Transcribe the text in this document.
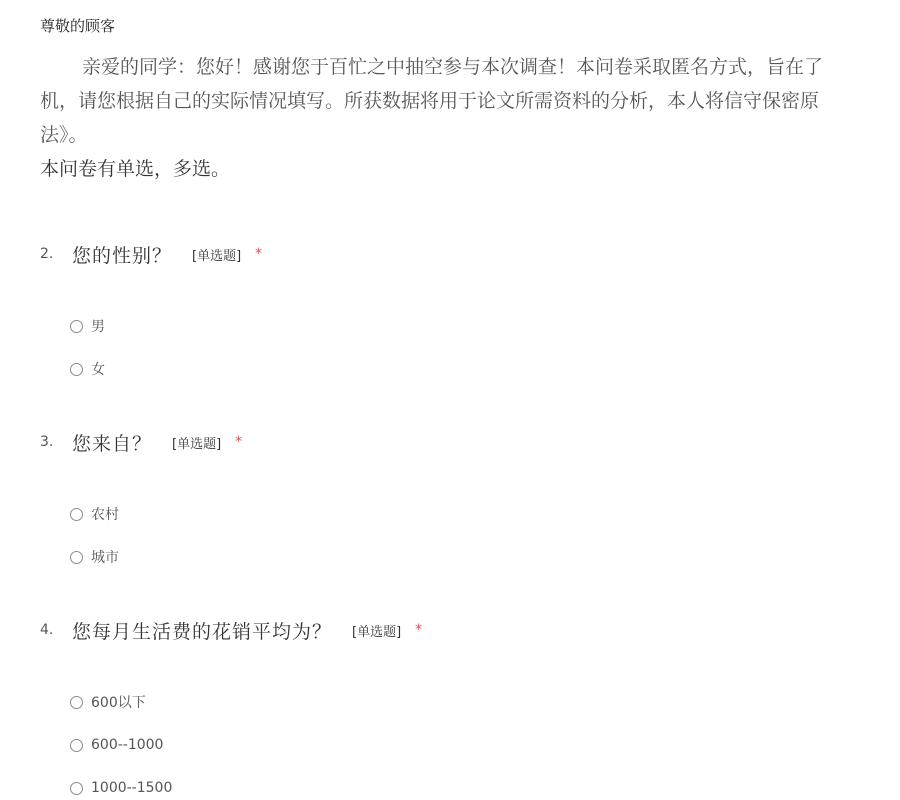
尊敬的顾客
亲爱的同学：您好！感谢您于百忙之中抽空参与本次调查！本问卷采取匿名方式，旨在了
机，请您根据自己的实际情况填写。所获数据将用于论文所需资料的分析，本人将信守保密原
法》。
本问卷有单选，多选。
2. 您的性别？ [单选题] *
男
女
3. 您来自？ [单选题] *
农村
城市
4. 您每月生活费的花销平均为？ [单选题] *
600以下
600--1000
1000--1500
